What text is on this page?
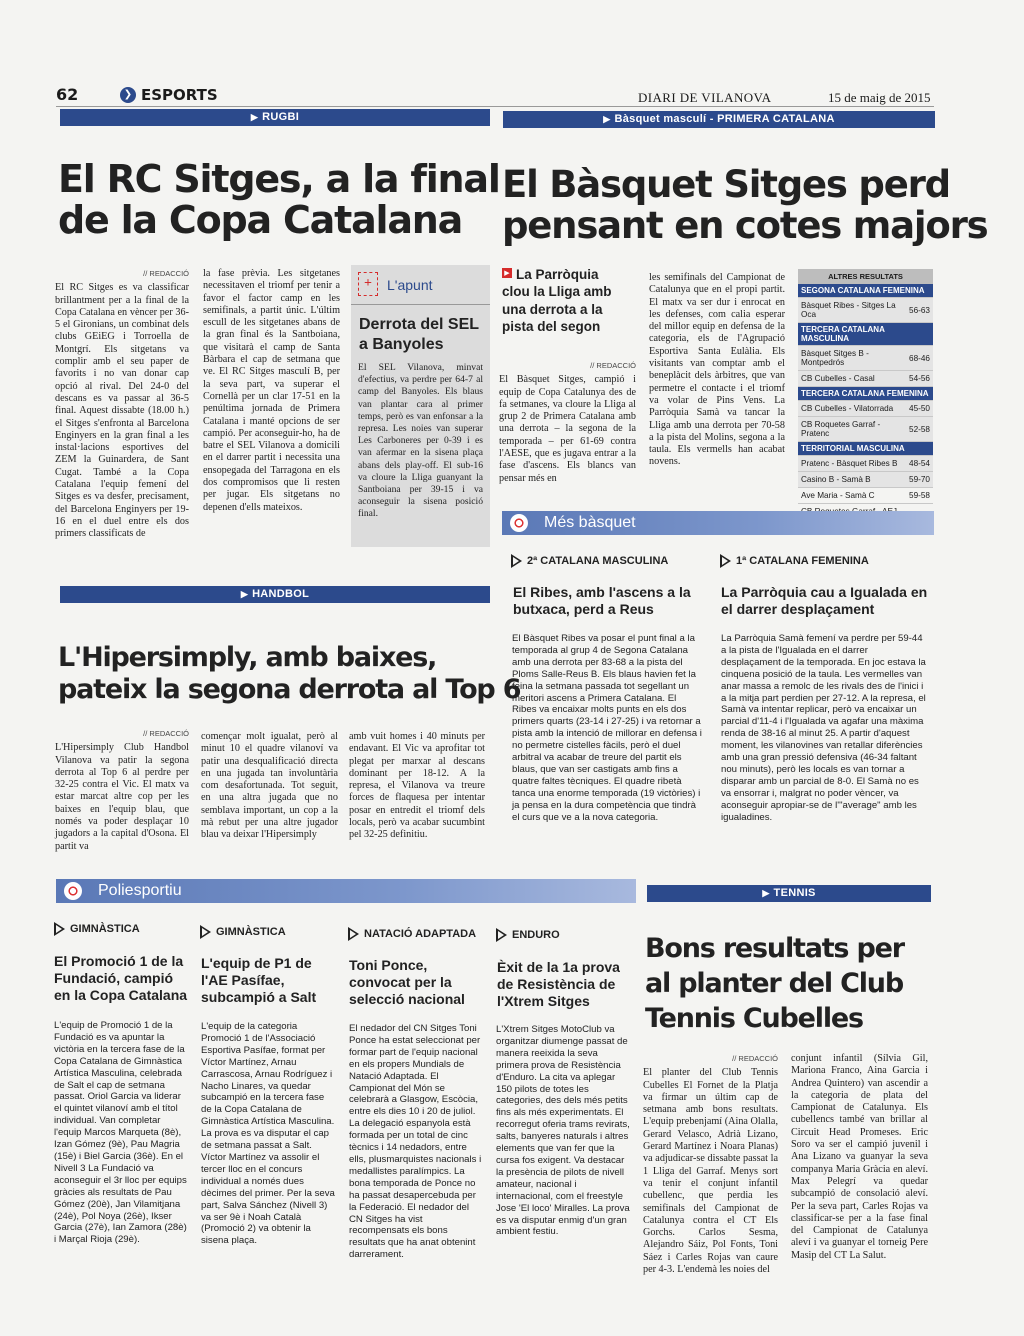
62	❯ ESPORTS	DIARI DE VILANOVA	15 de maig de 2015
▶ RUGBI
El RC Sitges, a la final
de la Copa Catalana
// REDACCIÓ
El RC Sitges es va classificar brillantment per a la final de la Copa Catalana en vèncer per 36-5 el Gironians, un combinat dels clubs GEiEG i Torroella de Montgrí. Els sitgetans va complir amb el seu paper de favorits i no van donar cap opció al rival. Del 24-0 del descans es va passar al 36-5 final. Aquest dissabte (18.00 h.) el Sitges s'enfronta al Barcelona Enginyers en la gran final a les instal·lacions esportives del ZEM la Guinardera, de Sant Cugat. També a la Copa Catalana l'equip femení del Sitges es va desfer, precisament, del Barcelona Enginyers per 19-16 en el duel entre els dos primers classificats de
la fase prèvia. Les sitgetanes necessitaven el triomf per tenir a favor el factor camp en les semifinals, a partit únic. L'últim escull de les sitgetanes abans de la gran final és la Santboiana, que visitarà el camp de Santa Bàrbara el cap de setmana que ve. El RC Sitges masculí B, per la seva part, va superar el Cornellà per un clar 17-51 en la penúltima jornada de Primera Catalana i manté opcions de ser campió. Per aconseguir-ho, ha de batre el SEL Vilanova a domicili en el darrer partit i necessita una ensopegada del Tarragona en els dos compromisos que li resten per jugar. Els sitgetans no depenen d'ells mateixos.
+	L'apunt
Derrota del SEL a Banyoles
El SEL Vilanova, minvat d'efectius, va perdre per 64-7 al camp del Banyoles. Els blaus van plantar cara al primer temps, però es van enfonsar a la represa. Les noies van superar Les Carboneres per 0-39 i es van afermar en la sisena plaça abans dels play-off. El sub-16 va cloure la Lliga guanyant la Santboiana per 39-15 i va aconseguir la sisena posició final.
▶ Bàsquet masculí - PRIMERA CATALANA
El Bàsquet Sitges perd
pensant en cotes majors
▶ La Parròquia clou la Lliga amb una derrota a la pista del segon
// REDACCIÓ
El Bàsquet Sitges, campió i equip de Copa Catalunya des de fa setmanes, va cloure la Lliga al grup 2 de Primera Catalana amb una derrota – la segona de la temporada – per 61-69 contra l'AESE, que es jugava entrar a la fase d'ascens. Els blancs van pensar més en
les semifinals del Campionat de Catalunya que en el propi partit. El matx va ser dur i enrocat en les defenses, com calia esperar del millor equip en defensa de la categoria, els de l'Agrupació Esportiva Santa Eulàlia. Els visitants van comptar amb el beneplàcit dels àrbitres, que van permetre el contacte i el triomf va volar de Pins Vens. La Parròquia Samà va tancar la Lliga amb una derrota per 70-58 a la pista del Molins, segona a la taula. Els vermells han acabat novens.
ALTRES RESULTATS
SEGONA CATALANA FEMENINA	
Bàsquet Ribes - Sitges La Oca	56-63
TERCERA CATALANA MASCULINA	
Bàsquet Sitges B - Montpedrós	68-46
CB Cubelles - Casal	54-56
TERCERA CATALANA FEMENINA	
CB Cubelles - Vilatorrada	45-50
CB Roquetes Garraf - Pratenc	52-58
TERRITORIAL MASCULINA	
Pratenc - Bàsquet Ribes B	48-54
Casino B - Samà B	59-70
Ave Maria - Samà C	59-58

▶ HANDBOL
L'Hipersimply, amb baixes,
pateix la segona derrota al Top 6
// REDACCIÓ
L'Hipersimply Club Handbol Vilanova va patir la segona derrota al Top 6 al perdre per 32-25 contra el Vic. El matx va estar marcat altre cop per les baixes en l'equip blau, que només va poder desplaçar 10 jugadors a la capital d'Osona. El partit va
començar molt igualat, però al minut 10 el quadre vilanoví va patir una desqualificació directa en una jugada tan involuntària com desafortunada. Tot seguit, en una altra jugada que no semblava important, un cop a la mà rebut per una altre jugador blau va deixar l'Hipersimply
amb vuit homes i 40 minuts per endavant. El Vic va aprofitar tot plegat per marxar al descans dominant per 18-12. A la represa, el Vilanova va treure forces de flaquesa per intentar posar en entredit el triomf dels locals, però va acabar sucumbint pel 32-25 definitiu.
Més bàsquet
2ª CATALANA MASCULINA
El Ribes, amb l'ascens a la butxaca, perd a Reus
El Bàsquet Ribes va posar el punt final a la temporada al grup 4 de Segona Catalana amb una derrota per 83-68 a la pista del Ploms Salle-Reus B. Els blaus havien fet la feina la setmana passada tot segellant un meritori ascens a Primera Catalana. El Ribes va encaixar molts punts en els dos primers quarts (23-14 i 27-25) i va retornar a pista amb la intenció de millorar en defensa i no permetre cistelles fàcils, però el duel arbitral va acabar de treure del partit els blaus, que van ser castigats amb fins a quatre faltes tècniques. El quadre ribetà tanca una enorme temporada (19 victòries) i ja pensa en la dura competència que tindrà el curs que ve a la nova categoria.
1ª CATALANA FEMENINA
La Parròquia cau a Igualada en el darrer desplaçament
La Parròquia Samà femení va perdre per 59-44 a la pista de l'Igualada en el darrer desplaçament de la temporada. En joc estava la cinquena posició de la taula. Les vermelles van anar massa a remolc de les rivals des de l'inici i a la mitja part perdien per 27-12. A la represa, el Samà va intentar replicar, però va encaixar un parcial d'11-4 i l'Igualada va agafar una màxima renda de 38-16 al minut 25. A partir d'aquest moment, les vilanovines van retallar diferències amb una gran pressió defensiva (46-34 faltant nou minuts), però les locals es van tornar a disparar amb un parcial de 8-0. El Samà no es va ensorrar i, malgrat no poder vèncer, va aconseguir apropiar-se de l'"average" amb les igualadines.
Poliesportiu
GIMNÀSTICA
El Promoció 1 de la Fundació, campió en la Copa Catalana
L'equip de Promoció 1 de la Fundació es va apuntar la victòria en la tercera fase de la Copa Catalana de Gimnàstica Artística Masculina, celebrada de Salt el cap de setmana passat. Oriol Garcia va liderar el quintet vilanoví amb el títol individual. Van completar l'equip Marcos Marqueta (8è), Izan Gómez (9è), Pau Magria (15è) i Biel Garcia (36è). En el Nivell 3 La Fundació va aconseguir el 3r lloc per equips gràcies als resultats de Pau Gómez (20è), Jan Vilamitjana (24è), Pol Noya (26è), Ikser Garcia (27è), Ian Zamora (28è) i Marçal Rioja (29è).
GIMNÀSTICA
L'equip de P1 de l'AE Pasífae, subcampió a Salt
L'equip de la categoria Promoció 1 de l'Associació Esportiva Pasífae, format per Víctor Martínez, Arnau Carrascosa, Arnau Rodríguez i Nacho Linares, va quedar subcampió en la tercera fase de la Copa Catalana de Gimnàstica Artística Masculina. La prova es va disputar el cap de setmana passat a Salt. Víctor Martínez va assolir el tercer lloc en el concurs individual a només dues dècimes del primer. Per la seva part, Salva Sánchez (Nivell 3) va ser 9è i Noah Català (Promoció 2) va obtenir la sisena plaça.
NATACIÓ ADAPTADA
Toni Ponce, convocat per la selecció nacional
El nedador del CN Sitges Toni Ponce ha estat seleccionat per formar part de l'equip nacional en els propers Mundials de Natació Adaptada. El Campionat del Món se celebrarà a Glasgow, Escòcia, entre els dies 10 i 20 de juliol. La delegació espanyola està formada per un total de cinc tècnics i 14 nedadors, entre ells, plusmarquistes nacionals i medallistes paralímpics. La bona temporada de Ponce no ha passat desapercebuda per la Federació. El nedador del CN Sitges ha vist recompensats els bons resultats que ha anat obtenint darrerament.
ENDURO
Èxit de la 1a prova de Resistència de l'Xtrem Sitges
L'Xtrem Sitges MotoClub va organitzar diumenge passat de manera reeixida la seva primera prova de Resistència d'Enduro. La cita va aplegar 150 pilots de totes les categories, des dels més petits fins als més experimentats. El recorregut oferia trams revirats, salts, banyeres naturals i altres elements que van fer que la cursa fos exigent. Va destacar la presència de pilots de nivell amateur, nacional i internacional, com el freestyle Jose 'El loco' Miralles. La prova es va disputar enmig d'un gran ambient festiu.
▶ TENNIS
Bons resultats per
al planter del Club
Tennis Cubelles
// REDACCIÓ
El planter del Club Tennis Cubelles El Fornet de la Platja va firmar un últim cap de setmana amb bons resultats. L'equip prebenjamí (Aina Olalla, Gerard Velasco, Adrià Lizano, Gerard Martínez i Noara Planas) va adjudicar-se dissabte passat la 1 Lliga del Garraf. Menys sort va tenir el conjunt infantil cubellenc, que perdia les semifinals del Campionat de Catalunya contra el CT Els Gorchs. Carlos Sesma, Alejandro Sáiz, Pol Fonts, Toni Sáez i Carles Rojas van caure per 4-3. L'endemà les noies del
conjunt infantil (Sílvia Gil, Mariona Franco, Aina Garcia i Andrea Quintero) van ascendir a la categoria de plata del Campionat de Catalunya. Els cubellencs també van brillar al Circuit Head Promeses. Eric Soro va ser el campió juvenil i Ana Lizano va guanyar la seva companya Maria Gràcia en aleví. Max Pelegrí va quedar subcampió de consolació aleví. Per la seva part, Carles Rojas va classificar-se per a la fase final del Campionat de Catalunya aleví i va guanyar el torneig Pere Masip del CT La Salut.
